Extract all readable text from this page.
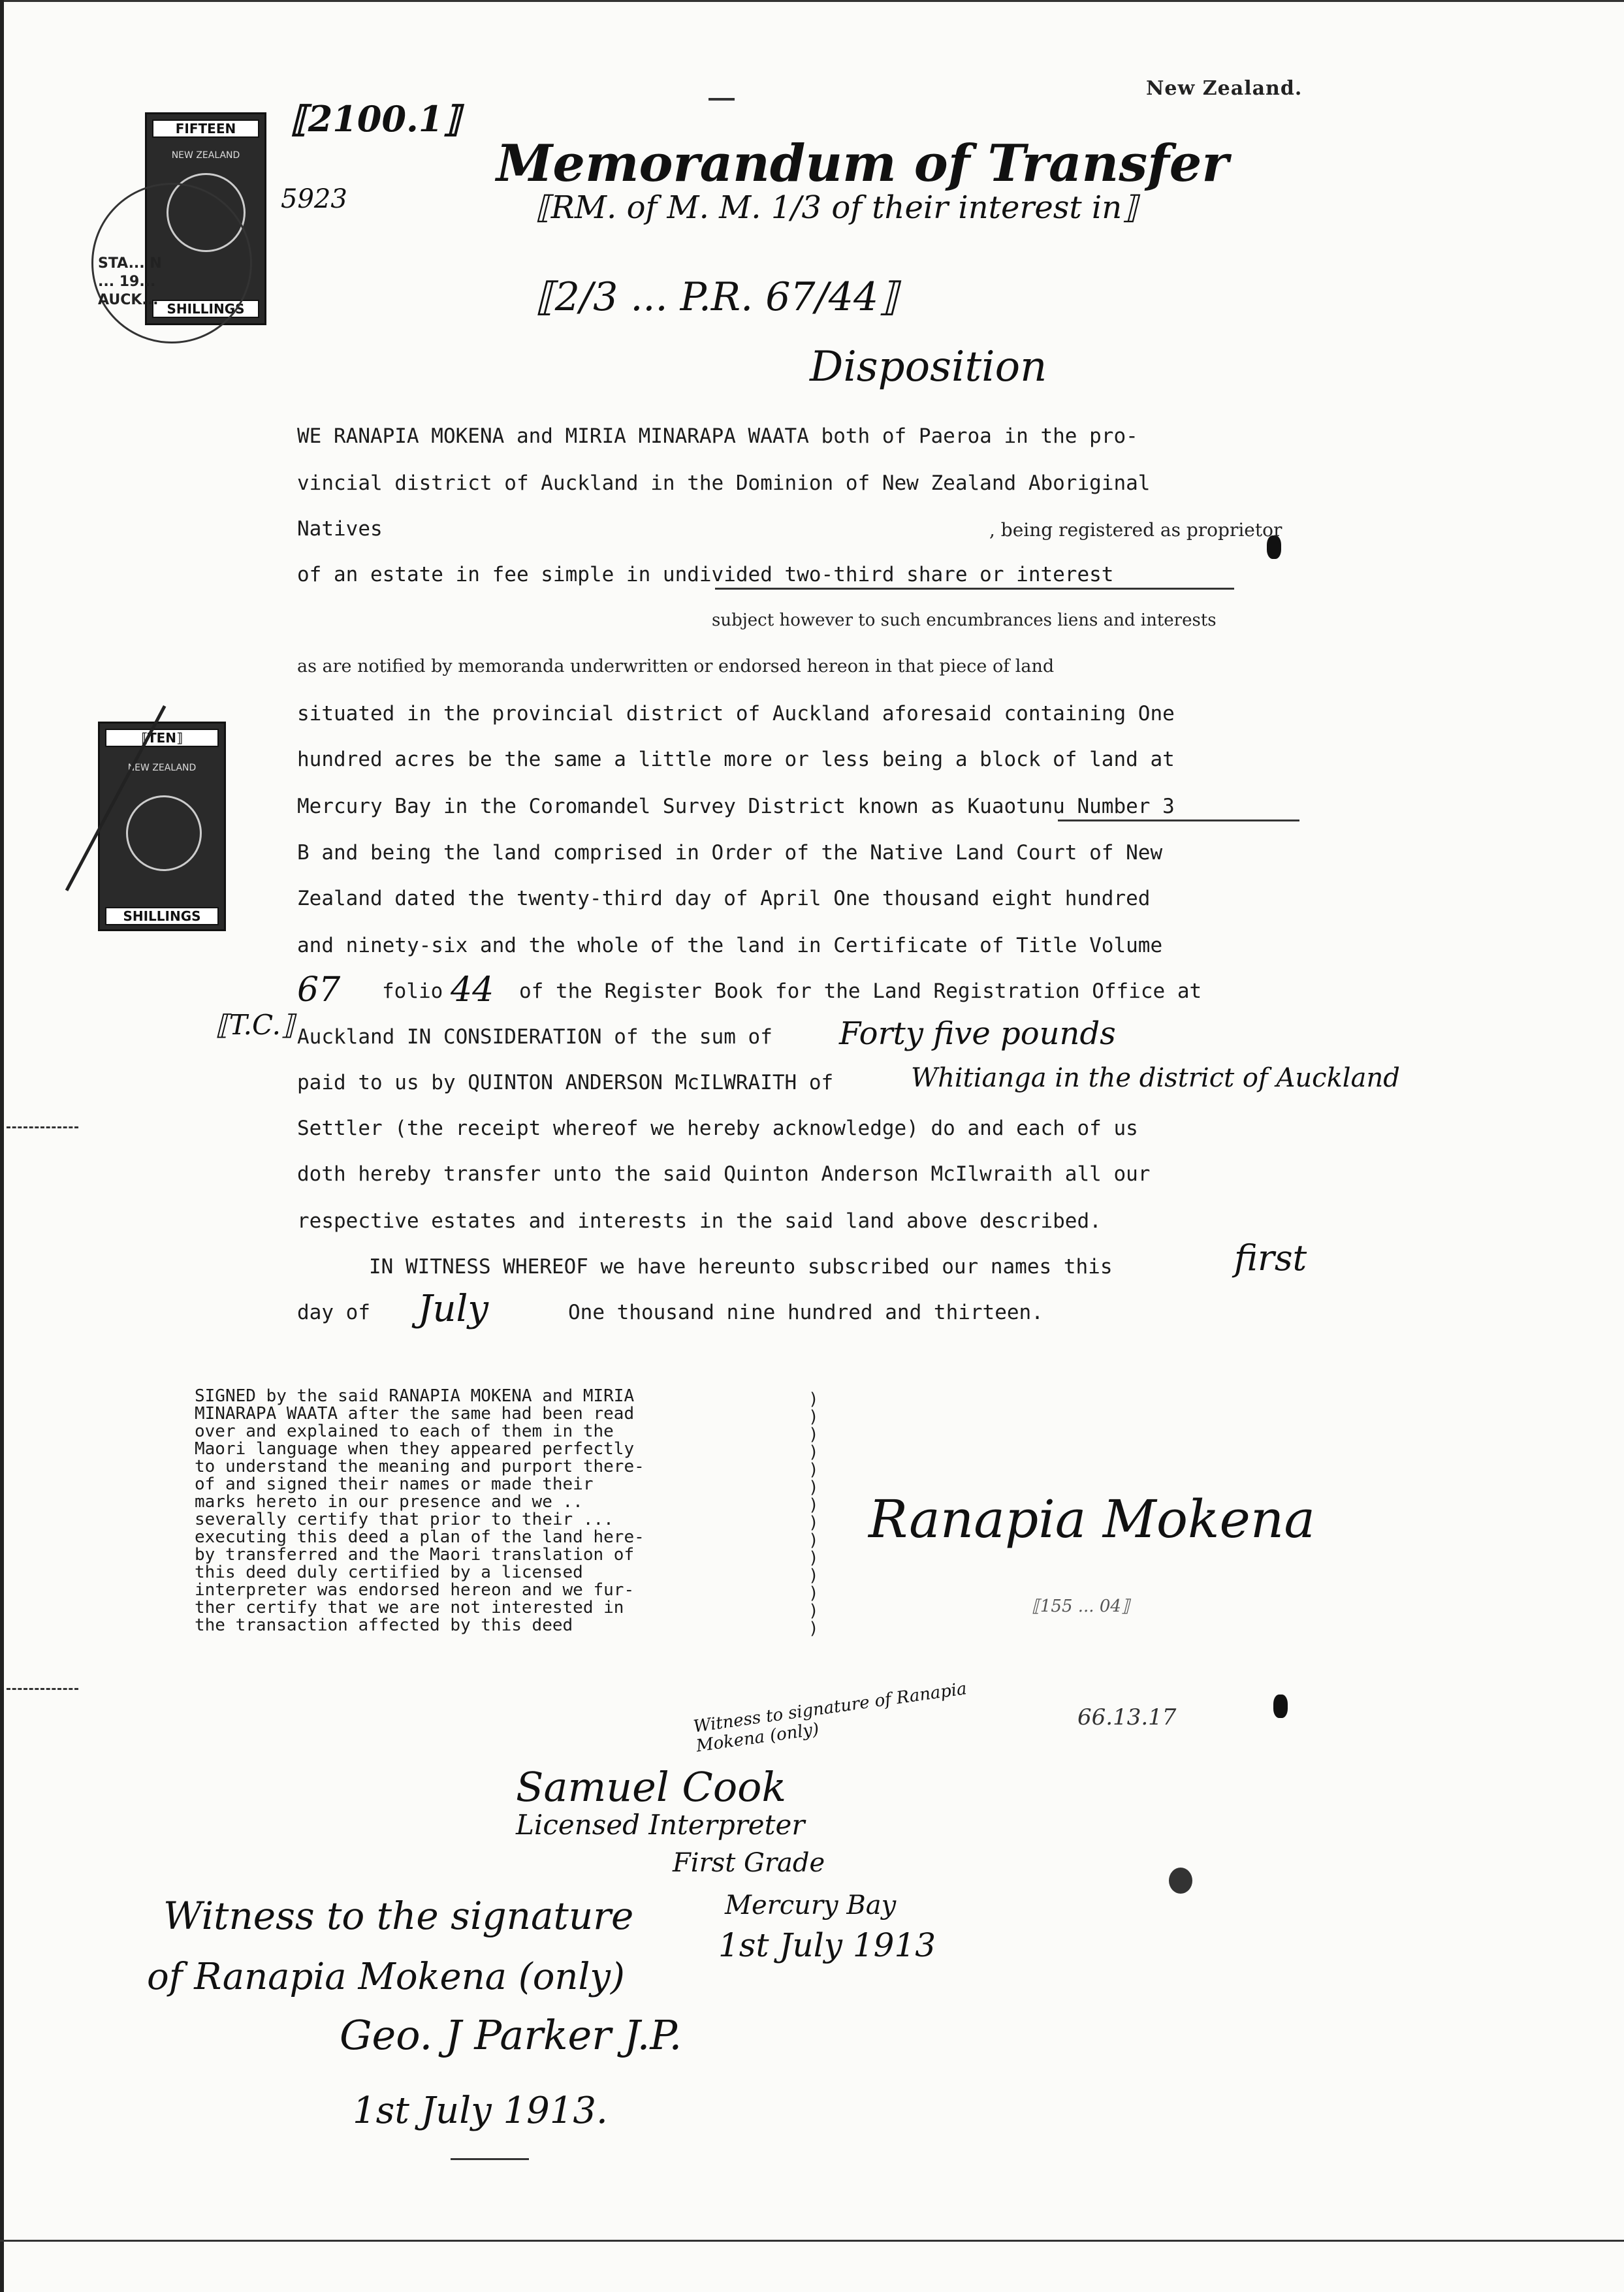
New Zealand.
Memorandum of Transfer
FIFTEEN
NEW ZEALAND
SHILLINGS
STA... N ... 19... AUCK...
5923
⟦2100.1⟧
⟦RM. of M. M. 1/3 of their interest in⟧
⟦2/3 ... P.R. 67/44⟧
Disposition
⟦TEN⟧
NEW ZEALAND
SHILLINGS
WE RANAPIA MOKENA and MIRIA MINARAPA WAATA both of Paeroa in the pro-
vincial district of Auckland in the Dominion of New Zealand Aboriginal
Natives	, being registered as proprietor
of an estate in fee simple in undivided two-third share or interest
subject however to such encumbrances liens and interests
as are notified by memoranda underwritten or endorsed hereon in that piece of land
situated in the provincial district of Auckland aforesaid containing One
hundred acres be the same a little more or less being a block of land at
Mercury Bay in the Coromandel Survey District known as Kuaotunu Number 3
B and being the land comprised in Order of the Native Land Court of New
Zealand dated the twenty-third day of April One thousand eight hundred
and ninety-six and the whole of the land in Certificate of Title Volume
67 folio 44 of the Register Book for the Land Registration Office at
⟦T.C.⟧ Auckland IN CONSIDERATION of the sum of Forty five pounds
paid to us by QUINTON ANDERSON McILWRAITH of	Whitianga in the district of Auckland
Settler (the receipt whereof we hereby acknowledge) do and each of us
doth hereby transfer unto the said Quinton Anderson McIlwraith all our
respective estates and interests in the said land above described.
IN WITNESS WHEREOF we have hereunto subscribed our names this	first
day of July	One thousand nine hundred and thirteen.
SIGNED by the said RANAPIA MOKENA and MIRIA
MINARAPA WAATA after the same had been read
over and explained to each of them in the
Maori language when they appeared perfectly
to understand the meaning and purport there-
of and signed their names or made their
marks hereto in our presence and we ..
severally certify that prior to their ...
executing this deed a plan of the land here-
by transferred and the Maori translation of
this deed duly certified by a licensed
interpreter was endorsed hereon and we fur-
ther certify that we are not interested in
the transaction affected by this deed
)
)
)
)
)
)
)
)
)
)
)
)
)
)
Ranapia Mokena
⟦155 ... 04⟧
66.13.17
Witness to signature of Ranapia Mokena (only)
Samuel Cook
Licensed Interpreter
First Grade
Mercury Bay
1st July 1913
Witness to the signature
of Ranapia Mokena (only)
Geo. J Parker J.P.
1st July 1913.
